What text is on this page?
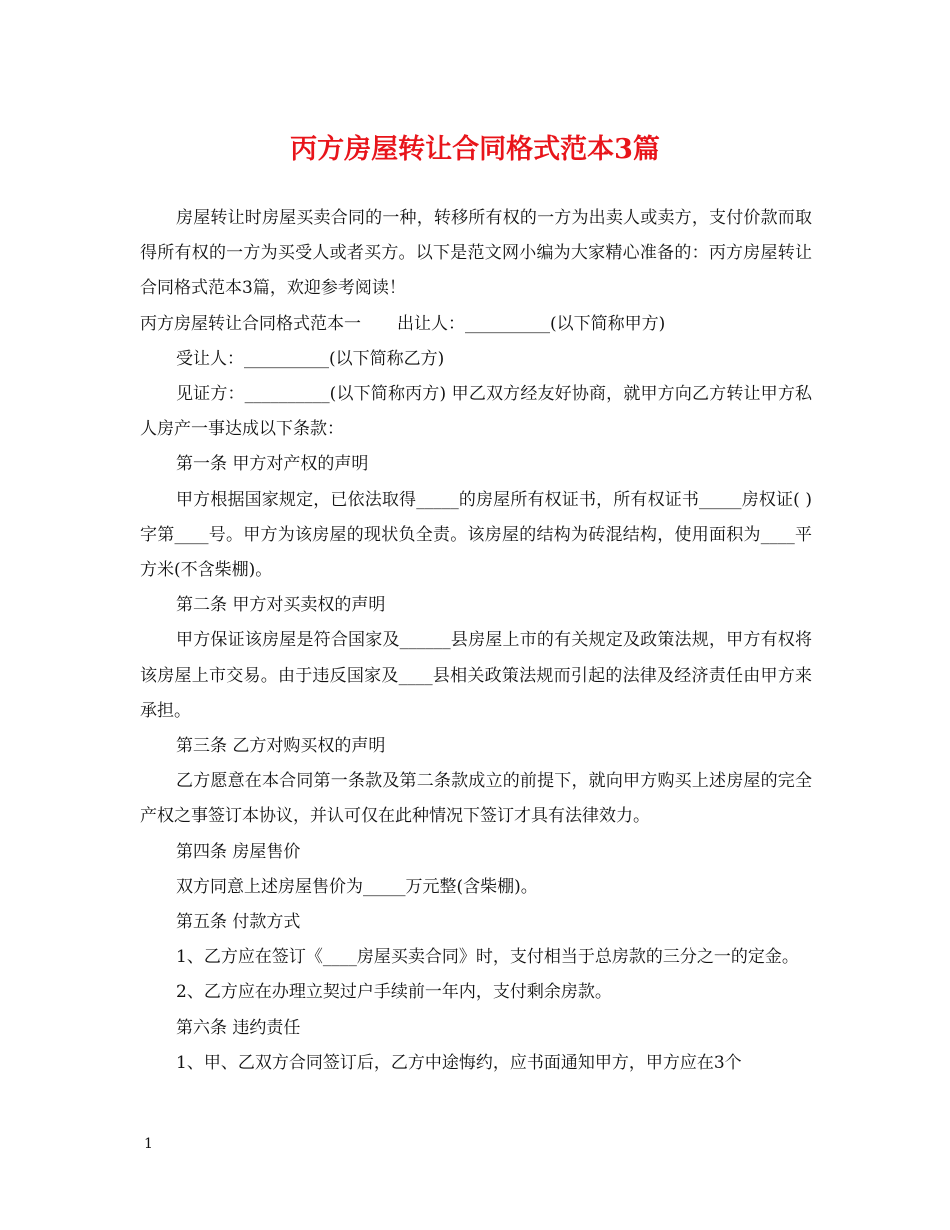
丙方房屋转让合同格式范本3篇

房屋转让时房屋买卖合同的一种，转移所有权的一方为出卖人或卖方，支付价款而取得所有权的一方为买受人或者买方。以下是范文网小编为大家精心准备的：丙方房屋转让合同格式范本3篇，欢迎参考阅读！

丙方房屋转让合同格式范本一 出让人：__________(以下简称甲方)

受让人：__________(以下简称乙方)

见证方：__________(以下简称丙方) 甲乙双方经友好协商，就甲方向乙方转让甲方私人房产一事达成以下条款：

第一条 甲方对产权的声明

甲方根据国家规定，已依法取得_____的房屋所有权证书，所有权证书_____房权证( )字第____号。甲方为该房屋的现状负全责。该房屋的结构为砖混结构，使用面积为____平方米(不含柴棚)。

第二条 甲方对买卖权的声明

甲方保证该房屋是符合国家及______县房屋上市的有关规定及政策法规，甲方有权将该房屋上市交易。由于违反国家及____县相关政策法规而引起的法律及经济责任由甲方来承担。

第三条 乙方对购买权的声明

乙方愿意在本合同第一条款及第二条款成立的前提下，就向甲方购买上述房屋的完全产权之事签订本协议，并认可仅在此种情况下签订才具有法律效力。

第四条 房屋售价

双方同意上述房屋售价为_____万元整(含柴棚)。

第五条 付款方式

1、乙方应在签订《____房屋买卖合同》时，支付相当于总房款的三分之一的定金。

2、乙方应在办理立契过户手续前一年内，支付剩余房款。

第六条 违约责任

1、甲、乙双方合同签订后，乙方中途悔约，应书面通知甲方，甲方应在3个

1
